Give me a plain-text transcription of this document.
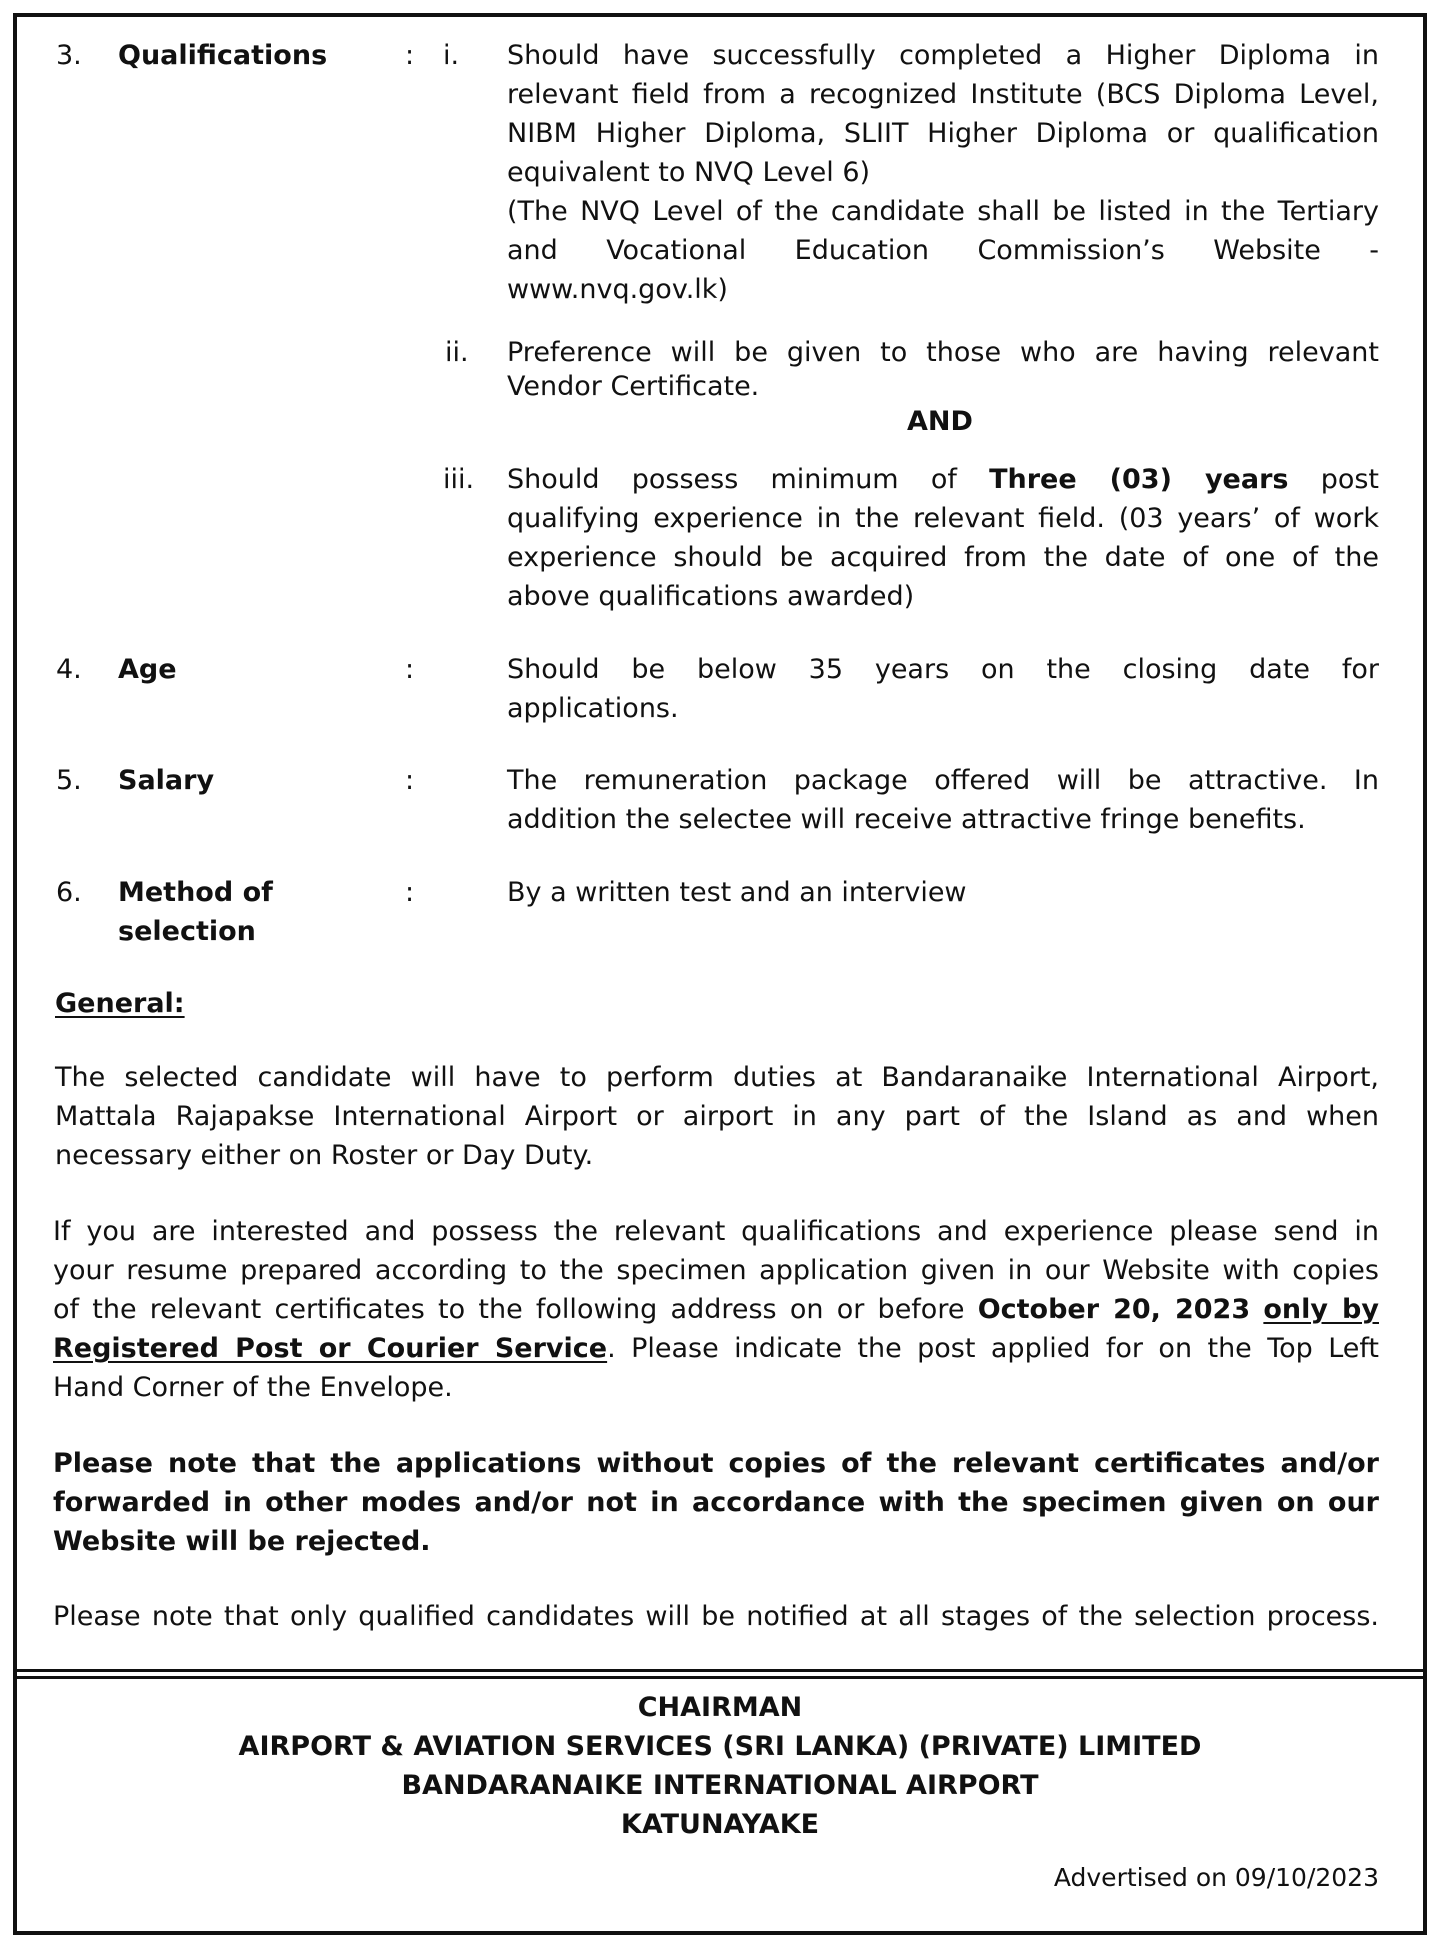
3. Qualifications	: i. Should have successfully completed a Higher Diploma in
relevant field from a recognized Institute (BCS Diploma Level,
NIBM Higher Diploma, SLIIT Higher Diploma or qualification
equivalent to NVQ Level 6)
(The NVQ Level of the candidate shall be listed in the Tertiary
and Vocational Education Commission’s Website -
www.nvq.gov.lk)
ii. Preference will be given to those who are having relevant
Vendor Certificate.
AND
iii. Should possess minimum of Three (03) years post
qualifying experience in the relevant field. (03 years’ of work
experience should be acquired from the date of one of the
above qualifications awarded)
4. Age	:	Should be below 35 years on the closing date for
applications.
5. Salary	:	The remuneration package offered will be attractive. In
addition the selectee will receive attractive fringe benefits.
6. Method of
selection
:	By a written test and an interview
General:
The selected candidate will have to perform duties at Bandaranaike International Airport,
Mattala Rajapakse International Airport or airport in any part of the Island as and when
necessary either on Roster or Day Duty.
If you are interested and possess the relevant qualifications and experience please send in
your resume prepared according to the specimen application given in our Website with copies
of the relevant certificates to the following address on or before October 20, 2023 only by
Registered Post or Courier Service. Please indicate the post applied for on the Top Left
Hand Corner of the Envelope.
Please note that the applications without copies of the relevant certificates and/or
forwarded in other modes and/or not in accordance with the specimen given on our
Website will be rejected.
Please note that only qualified candidates will be notified at all stages of the selection process.
CHAIRMAN
AIRPORT & AVIATION SERVICES (SRI LANKA) (PRIVATE) LIMITED
BANDARANAIKE INTERNATIONAL AIRPORT
KATUNAYAKE
Advertised on 09/10/2023
